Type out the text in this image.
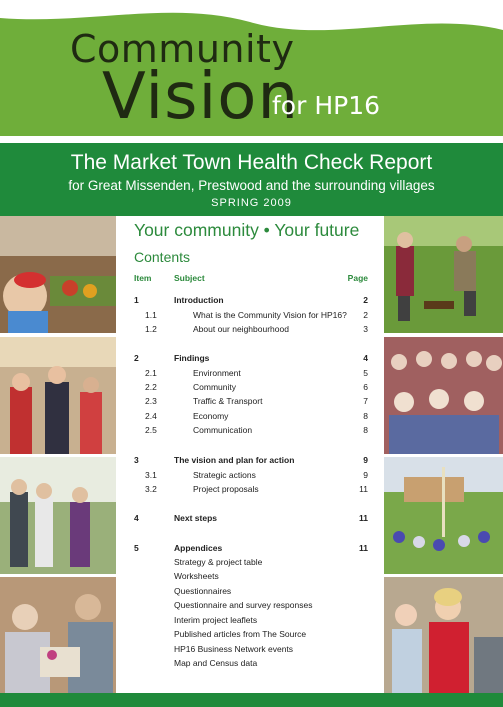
Community
Vision
for HP16
The Market Town Health Check Report
for Great Missenden, Prestwood and the surrounding villages
SPRING 2009
Your community • Your future
Contents
Item	Subject	Page
1	Introduction	2
1.1	What is the Community Vision for HP16? 2
1.2	About our neighbourhood	3
2	Findings	4
2.1	Environment	5
2.2	Community	6
2.3	Traffic & Transport	7
2.4	Economy	8
2.5	Communication	8
3	The vision and plan for action	9
3.1	Strategic actions	9
3.2	Project proposals	11
4	Next steps	11
5	Appendices	11
Strategy & project table
Worksheets
Questionnaires
Questionnaire and survey responses
Interim project leaflets
Published articles from The Source
HP16 Business Network events
Map and Census data
